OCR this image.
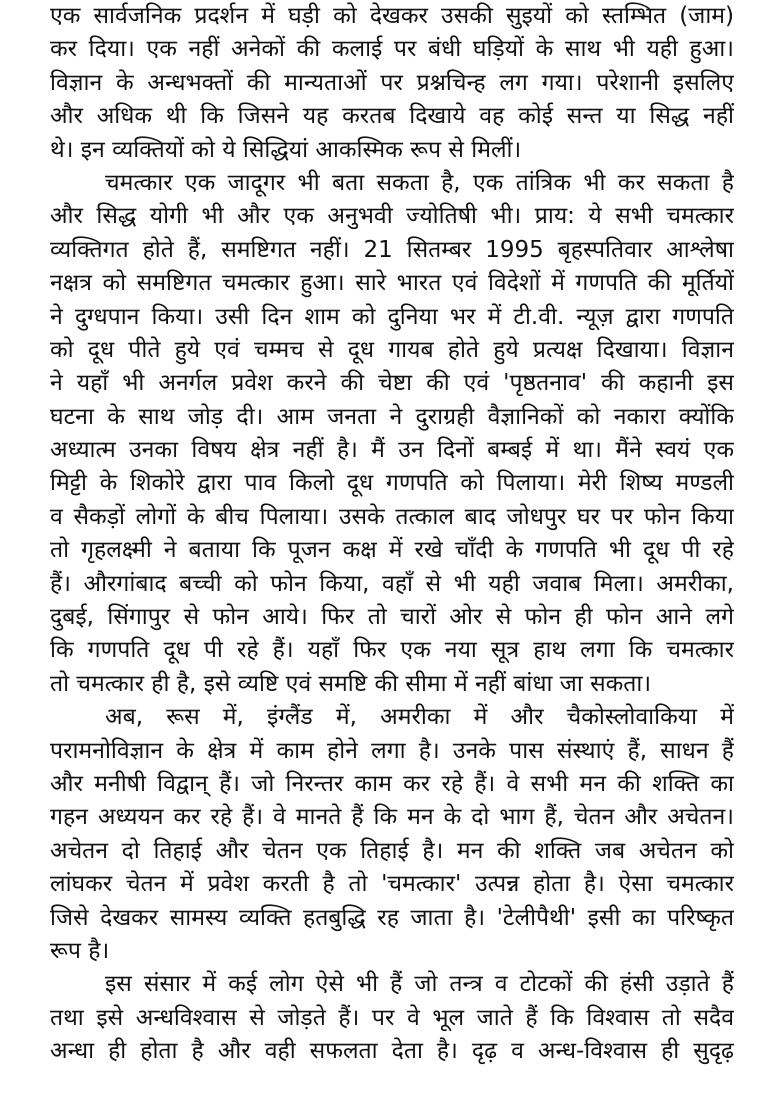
एक सार्वजनिक प्रदर्शन में घड़ी को देखकर उसकी सुइयों को स्तम्भित (जाम)
कर दिया। एक नहीं अनेकों की कलाई पर बंधी घड़ियों के साथ भी यही हुआ।
विज्ञान के अन्धभक्तों की मान्यताओं पर प्रश्नचिन्ह लग गया। परेशानी इसलिए
और अधिक थी कि जिसने यह करतब दिखाये वह कोई सन्त या सिद्ध नहीं
थे। इन व्यक्तियों को ये सिद्धियां आकस्मिक रूप से मिलीं।
चमत्कार एक जादूगर भी बता सकता है, एक तांत्रिक भी कर सकता है
और सिद्ध योगी भी और एक अनुभवी ज्योतिषी भी। प्राय: ये सभी चमत्कार
व्यक्तिगत होते हैं, समष्टिगत नहीं। 21 सितम्बर 1995 बृहस्पतिवार आश्लेषा
नक्षत्र को समष्टिगत चमत्कार हुआ। सारे भारत एवं विदेशों में गणपति की मूर्तियों
ने दुग्धपान किया। उसी दिन शाम को दुनिया भर में टी.वी. न्यूज़ द्वारा गणपति
को दूध पीते हुये एवं चम्मच से दूध गायब होते हुये प्रत्यक्ष दिखाया। विज्ञान
ने यहाँ भी अनर्गल प्रवेश करने की चेष्टा की एवं 'पृष्ठतनाव' की कहानी इस
घटना के साथ जोड़ दी। आम जनता ने दुराग्रही वैज्ञानिकों को नकारा क्योंकि
अध्यात्म उनका विषय क्षेत्र नहीं है। मैं उन दिनों बम्बई में था। मैंने स्वयं एक
मिट्टी के शिकोरे द्वारा पाव किलो दूध गणपति को पिलाया। मेरी शिष्य मण्डली
व सैकड़ों लोगों के बीच पिलाया। उसके तत्काल बाद जोधपुर घर पर फोन किया
तो गृहलक्ष्मी ने बताया कि पूजन कक्ष में रखे चाँदी के गणपति भी दूध पी रहे
हैं। औरगांबाद बच्ची को फोन किया, वहाँ से भी यही जवाब मिला। अमरीका,
दुबई, सिंगापुर से फोन आये। फिर तो चारों ओर से फोन ही फोन आने लगे
कि गणपति दूध पी रहे हैं। यहाँ फिर एक नया सूत्र हाथ लगा कि चमत्कार
तो चमत्कार ही है, इसे व्यष्टि एवं समष्टि की सीमा में नहीं बांधा जा सकता।
अब, रूस में, इंग्लैंड में, अमरीका में और चैकोस्लोवाकिया में
परामनोविज्ञान के क्षेत्र में काम होने लगा है। उनके पास संस्थाएं हैं, साधन हैं
और मनीषी विद्वान् हैं। जो निरन्तर काम कर रहे हैं। वे सभी मन की शक्ति का
गहन अध्ययन कर रहे हैं। वे मानते हैं कि मन के दो भाग हैं, चेतन और अचेतन।
अचेतन दो तिहाई और चेतन एक तिहाई है। मन की शक्ति जब अचेतन को
लांघकर चेतन में प्रवेश करती है तो 'चमत्कार' उत्पन्न होता है। ऐसा चमत्कार
जिसे देखकर सामस्य व्यक्ति हतबुद्धि रह जाता है। 'टेलीपैथी' इसी का परिष्कृत
रूप है।
इस संसार में कई लोग ऐसे भी हैं जो तन्त्र व टोटकों की हंसी उड़ाते हैं
तथा इसे अन्धविश्वास से जोड़ते हैं। पर वे भूल जाते हैं कि विश्वास तो सदैव
अन्धा ही होता है और वही सफलता देता है। दृढ़ व अन्ध-विश्वास ही सुदृढ़
